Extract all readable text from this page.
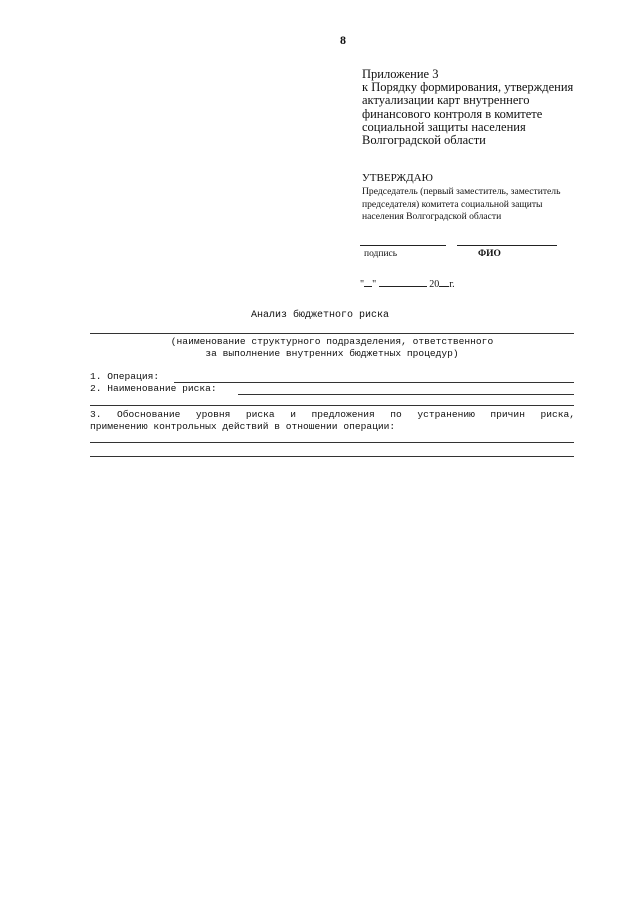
8
Приложение 3
к Порядку формирования, утверждения
актуализации карт внутреннего
финансового контроля в комитете
социальной защиты населения
Волгоградской области
УТВЕРЖДАЮ
Председатель (первый заместитель, заместитель
председателя) комитета социальной защиты
населения Волгоградской области
подпись	ФИО
" "	20 г.
Анализ бюджетного риска
(наименование структурного подразделения, ответственного
за выполнение внутренних бюджетных процедур)
1. Операция:
2. Наименование риска:
3. Обоснование уровня риска и предложения по устранению причин риска,
применению контрольных действий в отношении операции:
